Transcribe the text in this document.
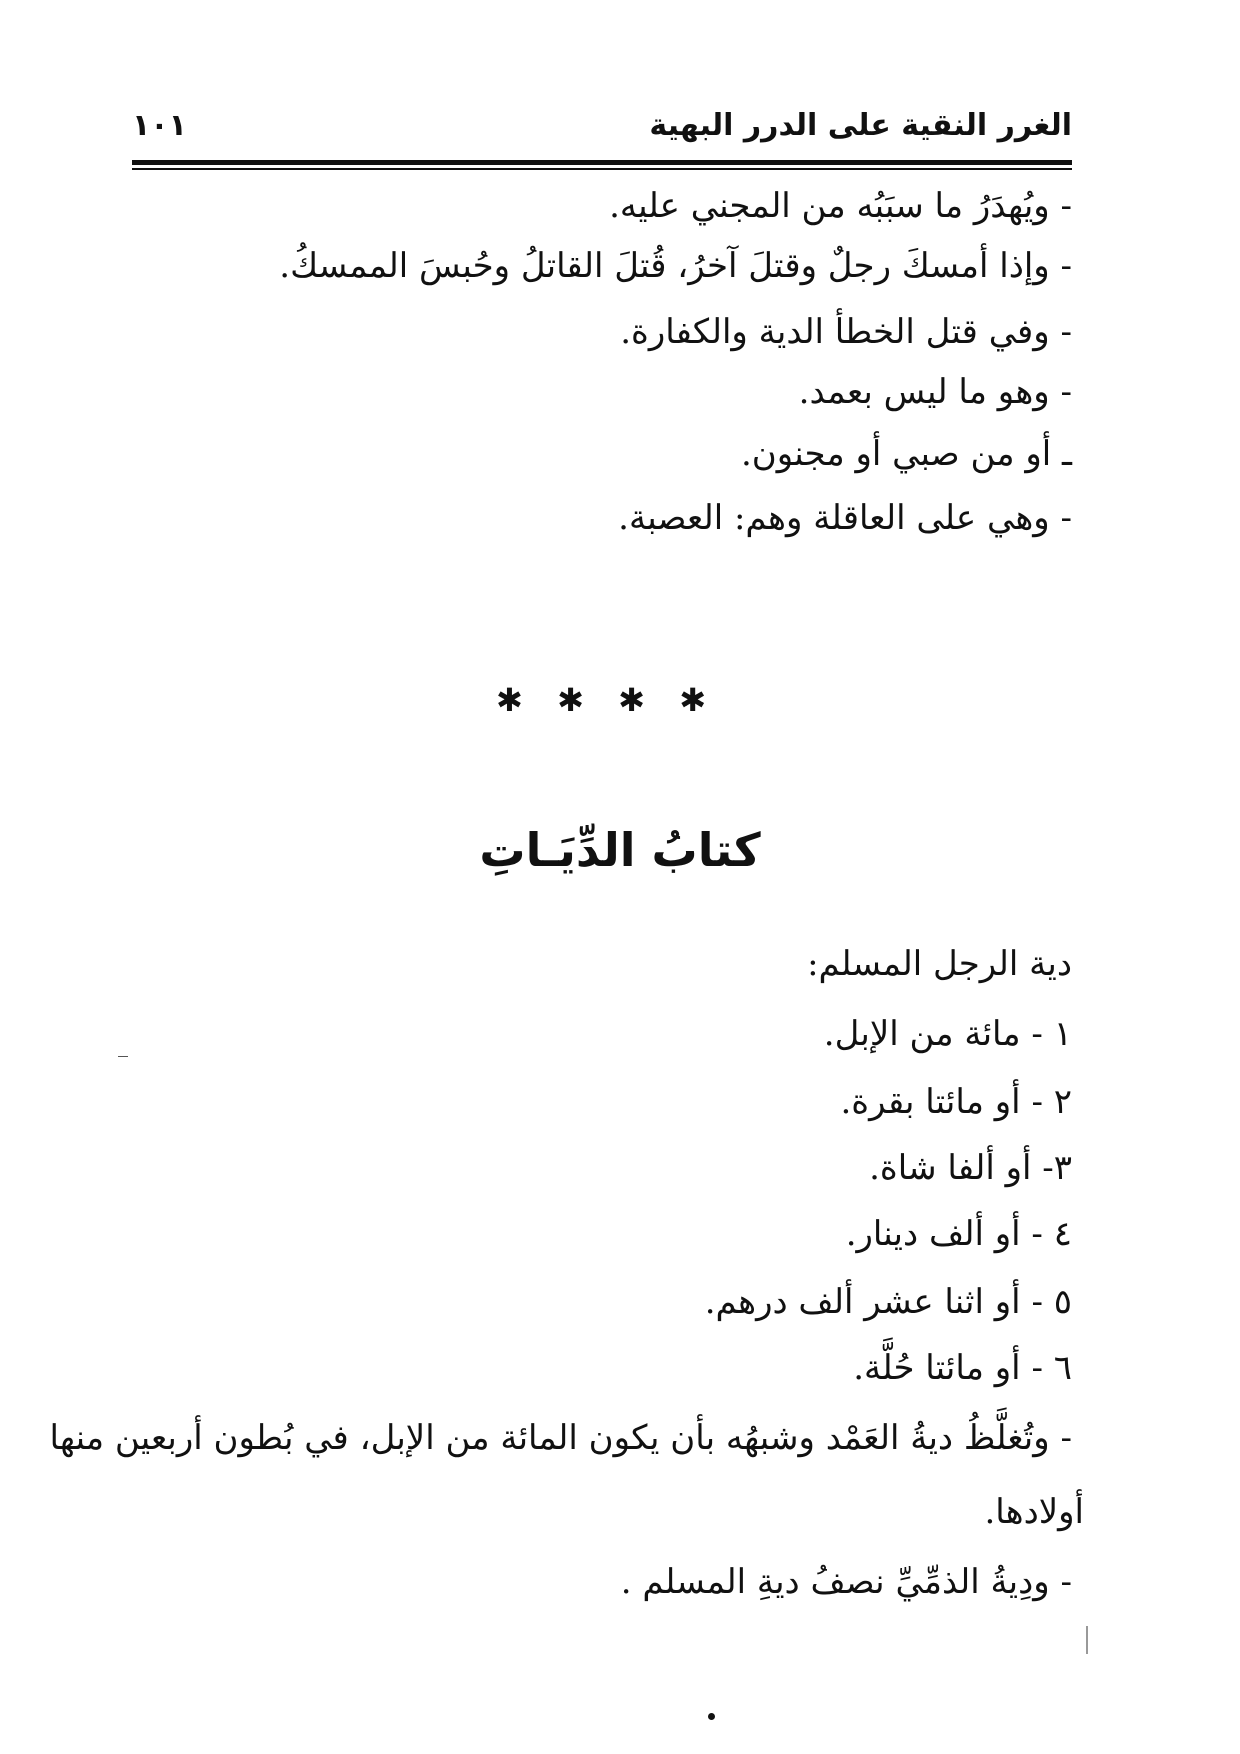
الغرر النقية على الدرر البهية
١٠١
- ويُهدَرُ ما سبَبُه من المجني عليه.
- وإذا أمسكَ رجلٌ وقتلَ آخرُ، قُتلَ القاتلُ وحُبسَ الممسكُ.
- وفي قتل الخطأ الدية والكفارة.
- وهو ما ليس بعمد.
ـ أو من صبي أو مجنون.
- وهي على العاقلة وهم: العصبة.
✱
✱
✱
✱
كتابُ الدِّيَـاتِ
دية الرجل المسلم:
١ - مائة من الإبل.
٢ - أو مائتا بقرة.
٣- أو ألفا شاة.
٤ - أو ألف دينار.
٥ - أو اثنا عشر ألف درهم.
٦ - أو مائتا حُلَّة.
- وتُغلَّظُ ديةُ العَمْد وشبهُه بأن يكون المائة من الإبل، في بُطون أربعين منها
أولادها.
- ودِيةُ الذمِّيِّ نصفُ ديةِ المسلم .
